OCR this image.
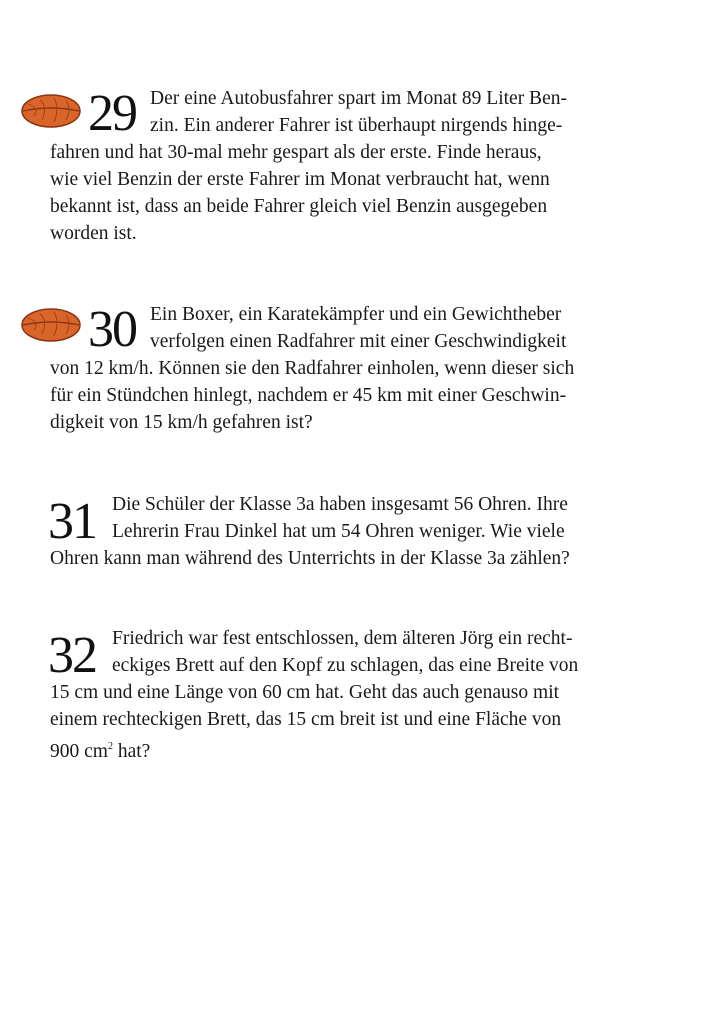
29 Der eine Autobusfahrer spart im Monat 89 Liter Ben-
zin. Ein anderer Fahrer ist überhaupt nirgends hinge-
fahren und hat 30-mal mehr gespart als der erste. Finde heraus,
wie viel Benzin der erste Fahrer im Monat verbraucht hat, wenn
bekannt ist, dass an beide Fahrer gleich viel Benzin ausgegeben
worden ist.
30 Ein Boxer, ein Karatekämpfer und ein Gewichtheber
verfolgen einen Radfahrer mit einer Geschwindigkeit
von 12 km/h. Können sie den Radfahrer einholen, wenn dieser sich
für ein Stündchen hinlegt, nachdem er 45 km mit einer Geschwin-
digkeit von 15 km/h gefahren ist?
31 Die Schüler der Klasse 3a haben insgesamt 56 Ohren. Ihre
Lehrerin Frau Dinkel hat um 54 Ohren weniger. Wie viele
Ohren kann man während des Unterrichts in der Klasse 3a zählen?
32 Friedrich war fest entschlossen, dem älteren Jörg ein recht-
eckiges Brett auf den Kopf zu schlagen, das eine Breite von
15 cm und eine Länge von 60 cm hat. Geht das auch genauso mit
einem rechteckigen Brett, das 15 cm breit ist und eine Fläche von
900 $cm^2$ hat?
